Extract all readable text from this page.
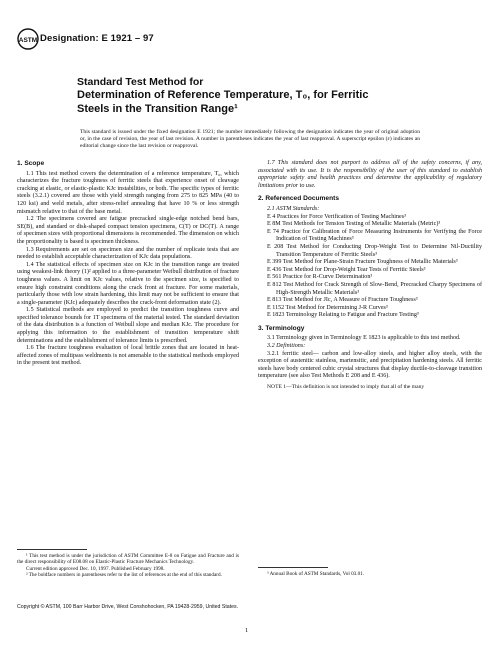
ASTM Designation: E 1921 – 97
Standard Test Method for
Determination of Reference Temperature, T₀, for Ferritic
Steels in the Transition Range¹
This standard is issued under the fixed designation E 1921; the number immediately following the designation indicates the year of original adoption or, in the case of revision, the year of last revision. A number in parentheses indicates the year of last reapproval. A superscript epsilon (ε) indicates an editorial change since the last revision or reapproval.
1. Scope

1.1 This test method covers the determination of a reference temperature, T₀, which characterizes the fracture toughness of ferritic steels that experience onset of cleavage cracking at elastic, or elastic-plastic KJc instabilities, or both. The specific types of ferritic steels (3.2.1) covered are those with yield strength ranging from 275 to 825 MPa (40 to 120 ksi) and weld metals, after stress-relief annealing that have 10 % or less strength mismatch relative to that of the base metal.

1.2 The specimens covered are fatigue precracked single-edge notched bend bars, SE(B), and standard or disk-shaped compact tension specimens, C(T) or DC(T). A range of specimen sizes with proportional dimensions is recommended. The dimension on which the proportionality is based is specimen thickness.

1.3 Requirements are set on specimen size and the number of replicate tests that are needed to establish acceptable characterization of KJc data populations.

1.4 The statistical effects of specimen size on KJc in the transition range are treated using weakest-link theory (1)² applied to a three-parameter Weibull distribution of fracture toughness values. A limit on KJc values, relative to the specimen size, is specified to ensure high constraint conditions along the crack front at fracture. For some materials, particularly those with low strain hardening, this limit may not be sufficient to ensure that a single-parameter (KJc) adequately describes the crack-front deformation state (2).

1.5 Statistical methods are employed to predict the transition toughness curve and specified tolerance bounds for 1T specimens of the material tested. The standard deviation of the data distribution is a function of Weibull slope and median KJc. The procedure for applying this information to the establishment of transition temperature shift determinations and the establishment of tolerance limits is prescribed.

1.6 The fracture toughness evaluation of local brittle zones that are located in heat-affected zones of multipass weldments is not amenable to the statistical methods employed in the present test method.

¹ This test method is under the jurisdiction of ASTM Committee E-8 on Fatigue and Fracture and is the direct responsibility of E08.08 on Elastic-Plastic Fracture Mechanics Technology.
Current edition approved Dec. 10, 1997. Published February 1998.
² The boldface numbers in parentheses refer to the list of references at the end of this standard.

1.7 This standard does not purport to address all of the safety concerns, if any, associated with its use. It is the responsibility of the user of this standard to establish appropriate safety and health practices and determine the applicability of regulatory limitations prior to use.

2. Referenced Documents

2.1 ASTM Standards:

E 4 Practices for Force Verification of Testing Machines³

E 8M Test Methods for Tension Testing of Metallic Materials (Metric)³

E 74 Practice for Calibration of Force Measuring Instruments for Verifying the Force Indication of Testing Machines³

E 208 Test Method for Conducting Drop-Weight Test to Determine Nil-Ductility Transition Temperature of Ferritic Steels³

E 399 Test Method for Plane-Strain Fracture Toughness of Metallic Materials³

E 436 Test Method for Drop-Weight Tear Tests of Ferritic Steels³

E 561 Practice for R-Curve Determination³

E 812 Test Method for Crack Strength of Slow-Bend, Precracked Charpy Specimens of High-Strength Metallic Materials³

E 813 Test Method for JIc, A Measure of Fracture Toughness³

E 1152 Test Method for Determining J-R Curves³

E 1823 Terminology Relating to Fatigue and Fracture Testing³

3. Terminology

3.1 Terminology given in Terminology E 1823 is applicable to this test method.

3.2 Definitions:

3.2.1 ferritic steel— carbon and low-alloy steels, and higher alloy steels, with the exception of austenitic stainless, martensitic, and precipitation hardening steels. All ferritic steels have body centered cubic crystal structures that display ductile-to-cleavage transition temperature (see also Test Methods E 208 and E 436).

NOTE 1—This definition is not intended to imply that all of the many

³ Annual Book of ASTM Standards, Vol 03.01.
Copyright © ASTM, 100 Barr Harbor Drive, West Conshohocken, PA 19428-2959, United States.
1
